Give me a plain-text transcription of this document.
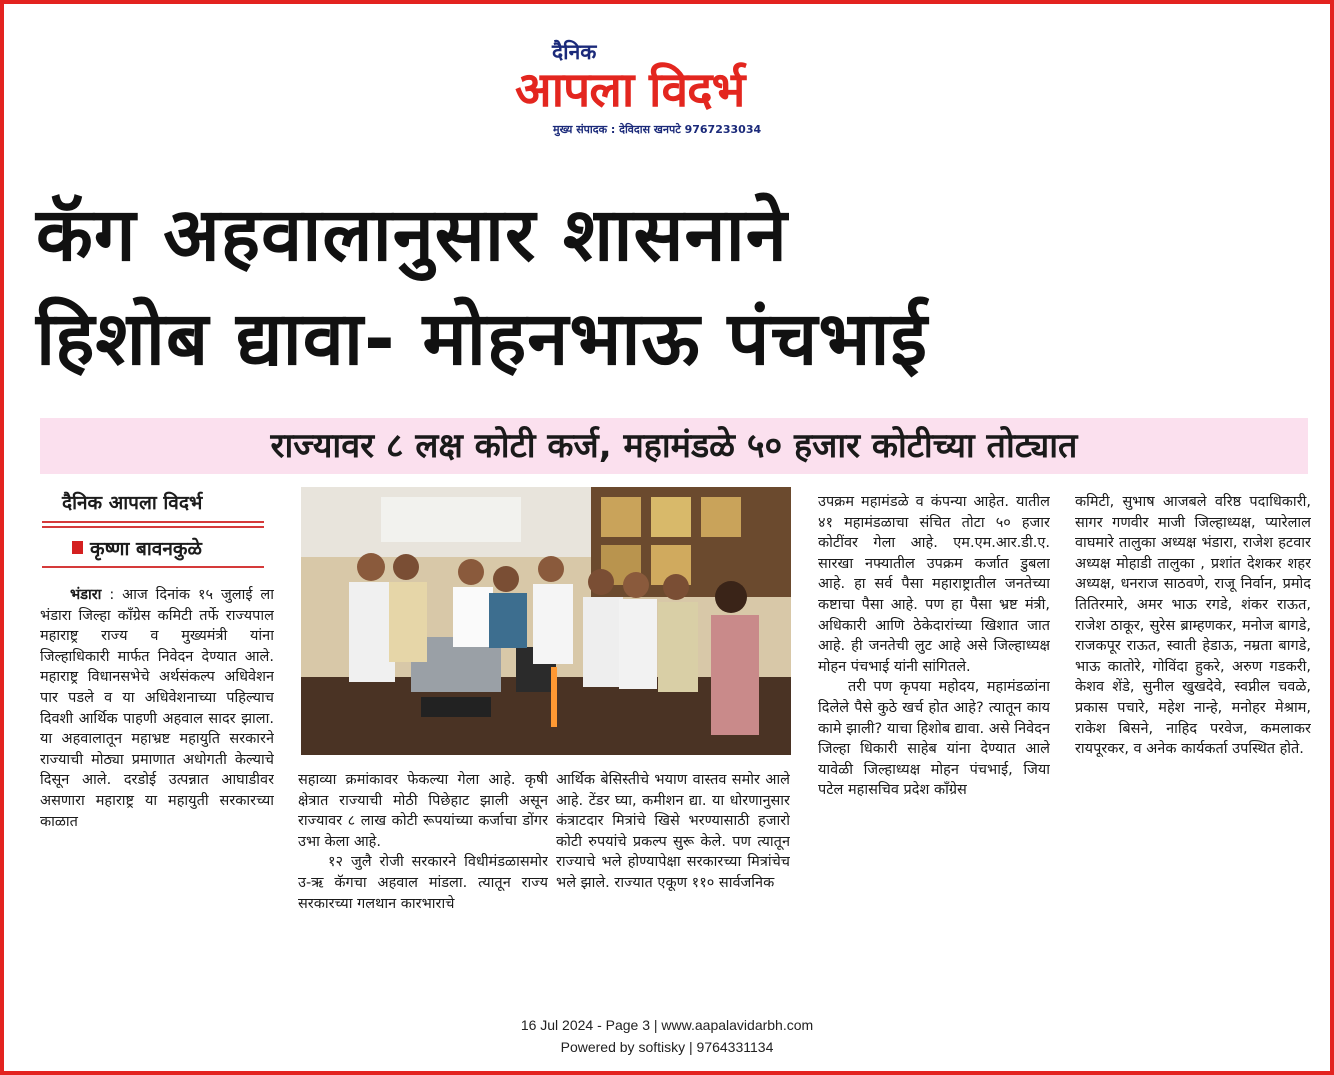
दैनिक
आपला विदर्भ
मुख्य संपादक : देविदास खनपटे 9767233034
कॅग अहवालानुसार शासनाने
हिशोब द्यावा- मोहनभाऊ पंचभाई
राज्यावर ८ लक्ष कोटी कर्ज, महामंडळे ५० हजार कोटीच्या तोट्यात
दैनिक आपला विदर्भ
कृष्णा बावनकुळे

भंडारा : आज दिनांक १५ जुलाई ला भंडारा जिल्हा काँग्रेस कमिटी तर्फे राज्यपाल महाराष्ट्र राज्य व मुख्यमंत्री यांना जिल्हाधिकारी मार्फत निवेदन देण्यात आले. महाराष्ट्र विधानसभेचे अर्थसंकल्प अधिवेशन पार पडले व या अधिवेशनाच्या पहिल्याच दिवशी आर्थिक पाहणी अहवाल सादर झाला. या अहवालातून महाभ्रष्ट महायुति सरकारने राज्याची मोठ्या प्रमाणात अधोगती केल्याचे दिसून आले. दरडोई उत्पन्नात आघाडीवर असणारा महाराष्ट्र या महायुती सरकारच्या काळात

सहाव्या क्रमांकावर फेकल्या गेला आहे. कृषी क्षेत्रात राज्याची मोठी पिछेहाट झाली असून राज्यावर ८ लाख कोटी रूपयांच्या कर्जाचा डोंगर उभा केला आहे.

१२ जुलै रोजी सरकारने विधीमंडळासमोर उ-ऋ कॅगचा अहवाल मांडला. त्यातून राज्य सरकारच्या गलथान कारभाराचे

आर्थिक बेसिस्तीचे भयाण वास्तव समोर आले आहे. टेंडर घ्या, कमीशन द्या. या धोरणानुसार कंत्राटदार मित्रांचे खिसे भरण्यासाठी हजारो कोटी रुपयांचे प्रकल्प सुरू केले. पण त्यातून राज्याचे भले होण्यापेक्षा सरकारच्या मित्रांचेच भले झाले. राज्यात एकूण ११० सार्वजनिक

उपक्रम महामंडळे व कंपन्या आहेत. यातील ४१ महामंडळाचा संचित तोटा ५० हजार कोटींवर गेला आहे. एम.एम.आर.डी.ए. सारखा नफ्यातील उपक्रम कर्जात डुबला आहे. हा सर्व पैसा महाराष्ट्रातील जनतेच्या कष्टाचा पैसा आहे. पण हा पैसा भ्रष्ट मंत्री, अधिकारी आणि ठेकेदारांच्या खिशात जात आहे. ही जनतेची लुट आहे असे जिल्हाध्यक्ष मोहन पंचभाई यांनी सांगितले.

तरी पण कृपया महोदय, महामंडळांना दिलेले पैसे कुठे खर्च होत आहे? त्यातून काय कामे झाली? याचा हिशोब द्यावा. असे निवेदन जिल्हा धिकारी साहेब यांना देण्यात आले यावेळी जिल्हाध्यक्ष मोहन पंचभाई, जिया पटेल महासचिव प्रदेश काँग्रेस

कमिटी, सुभाष आजबले वरिष्ठ पदाधिकारी, सागर गणवीर माजी जिल्हाध्यक्ष, प्यारेलाल वाघमारे तालुका अध्यक्ष भंडारा, राजेश हटवार अध्यक्ष मोहाडी तालुका , प्रशांत देशकर शहर अध्यक्ष, धनराज साठवणे, राजू निर्वान, प्रमोद तितिरमारे, अमर भाऊ रगडे, शंकर राऊत, राजेश ठाकूर, सुरेस ब्राम्हणकर, मनोज बागडे, राजकपूर राऊत, स्वाती हेडाऊ, नम्रता बागडे, भाऊ कातोरे, गोविंदा हुकरे, अरुण गडकरी, केशव शेंडे, सुनील खुखदेवे, स्वप्नील चवळे, प्रकास पचारे, महेश नान्हे, मनोहर मेश्राम, राकेश बिसने, नाहिद परवेज, कमलाकर रायपूरकर, व अनेक कार्यकर्ता उपस्थित होते.

16 Jul 2024 - Page 3 | www.aapalavidarbh.com
Powered by softisky | 9764331134
